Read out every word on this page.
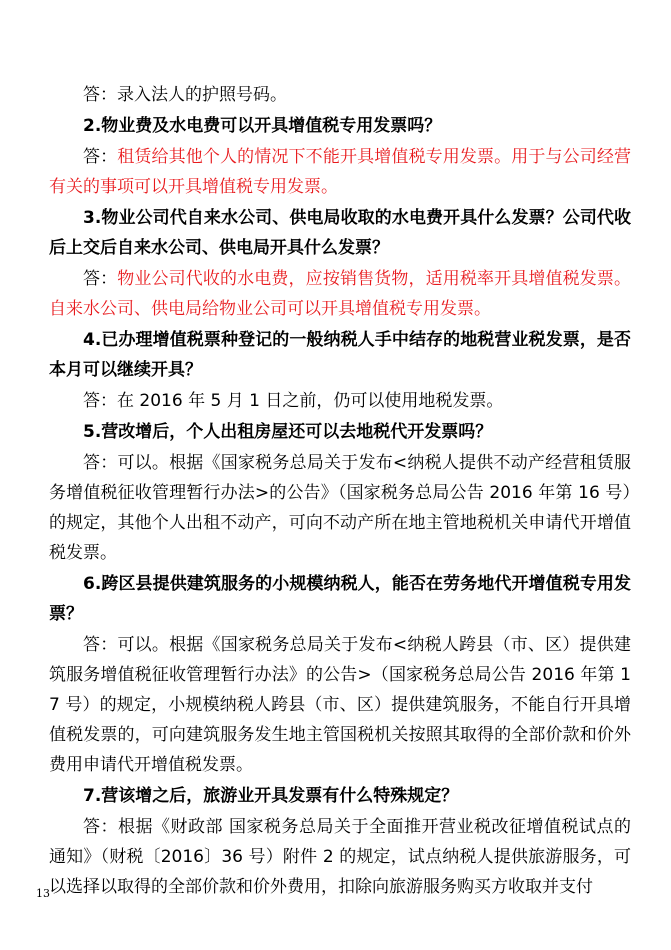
答：录入法人的护照号码。

2.物业费及水电费可以开具增值税专用发票吗？

答：租赁给其他个人的情况下不能开具增值税专用发票。用于与公司经营有关的事项可以开具增值税专用发票。

3.物业公司代自来水公司、供电局收取的水电费开具什么发票？公司代收后上交后自来水公司、供电局开具什么发票？

答：物业公司代收的水电费，应按销售货物，适用税率开具增值税发票。自来水公司、供电局给物业公司可以开具增值税专用发票。

4.已办理增值税票种登记的一般纳税人手中结存的地税营业税发票，是否本月可以继续开具？

答：在 2016 年 5 月 1 日之前，仍可以使用地税发票。

5.营改增后，个人出租房屋还可以去地税代开发票吗？

答：可以。根据《国家税务总局关于发布<纳税人提供不动产经营租赁服务增值税征收管理暂行办法>的公告》（国家税务总局公告 2016 年第 16 号）的规定，其他个人出租不动产，可向不动产所在地主管地税机关申请代开增值税发票。

6.跨区县提供建筑服务的小规模纳税人，能否在劳务地代开增值税专用发票？

答：可以。根据《国家税务总局关于发布<纳税人跨县（市、区）提供建筑服务增值税征收管理暂行办法》的公告>（国家税务总局公告 2016 年第 17 号）的规定，小规模纳税人跨县（市、区）提供建筑服务，不能自行开具增值税发票的，可向建筑服务发生地主管国税机关按照其取得的全部价款和价外费用申请代开增值税发票。

7.营该增之后，旅游业开具发票有什么特殊规定？

答：根据《财政部 国家税务总局关于全面推开营业税改征增值税试点的通知》（财税〔2016〕36 号）附件 2 的规定，试点纳税人提供旅游服务，可以选择以取得的全部价款和价外费用，扣除向旅游服务购买方收取并支付

13
